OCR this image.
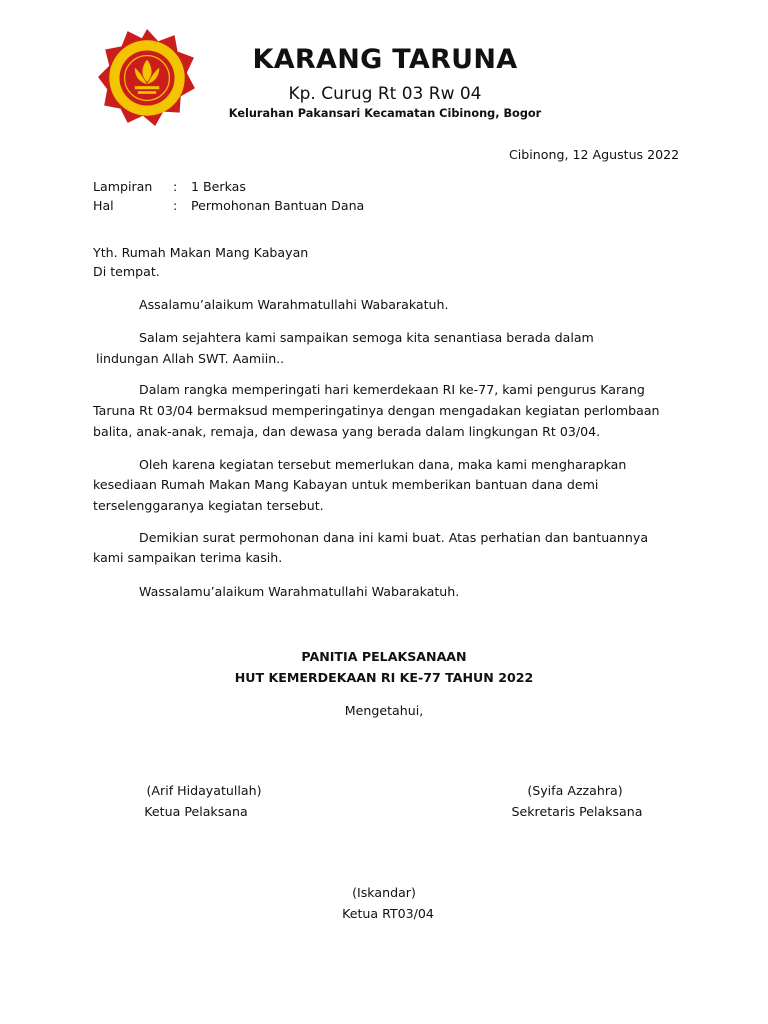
KARANG TARUNA
Kp. Curug Rt 03 Rw 04
Kelurahan Pakansari Kecamatan Cibinong, Bogor
Cibinong, 12 Agustus 2022
Lampiran : 1 Berkas
Hal	: Permohonan Bantuan Dana
Yth. Rumah Makan Mang Kabayan
Di tempat.
Assalamu’alaikum Warahmatullahi Wabarakatuh.
Salam sejahtera kami sampaikan semoga kita senantiasa berada dalam
lindungan Allah SWT. Aamiin..
Dalam rangka memperingati hari kemerdekaan RI ke-77, kami pengurus Karang
Taruna Rt 03/04 bermaksud memperingatinya dengan mengadakan kegiatan perlombaan
balita, anak-anak, remaja, dan dewasa yang berada dalam lingkungan Rt 03/04.
Oleh karena kegiatan tersebut memerlukan dana, maka kami mengharapkan
kesediaan Rumah Makan Mang Kabayan untuk memberikan bantuan dana demi
terselenggaranya kegiatan tersebut.
Demikian surat permohonan dana ini kami buat. Atas perhatian dan bantuannya
kami sampaikan terima kasih.
Wassalamu’alaikum Warahmatullahi Wabarakatuh.
PANITIA PELAKSANAAN
HUT KEMERDEKAAN RI KE-77 TAHUN 2022
Mengetahui,
(Arif Hidayatullah)
Ketua Pelaksana
(Syifa Azzahra)
Sekretaris Pelaksana
(Iskandar)
Ketua RT03/04
